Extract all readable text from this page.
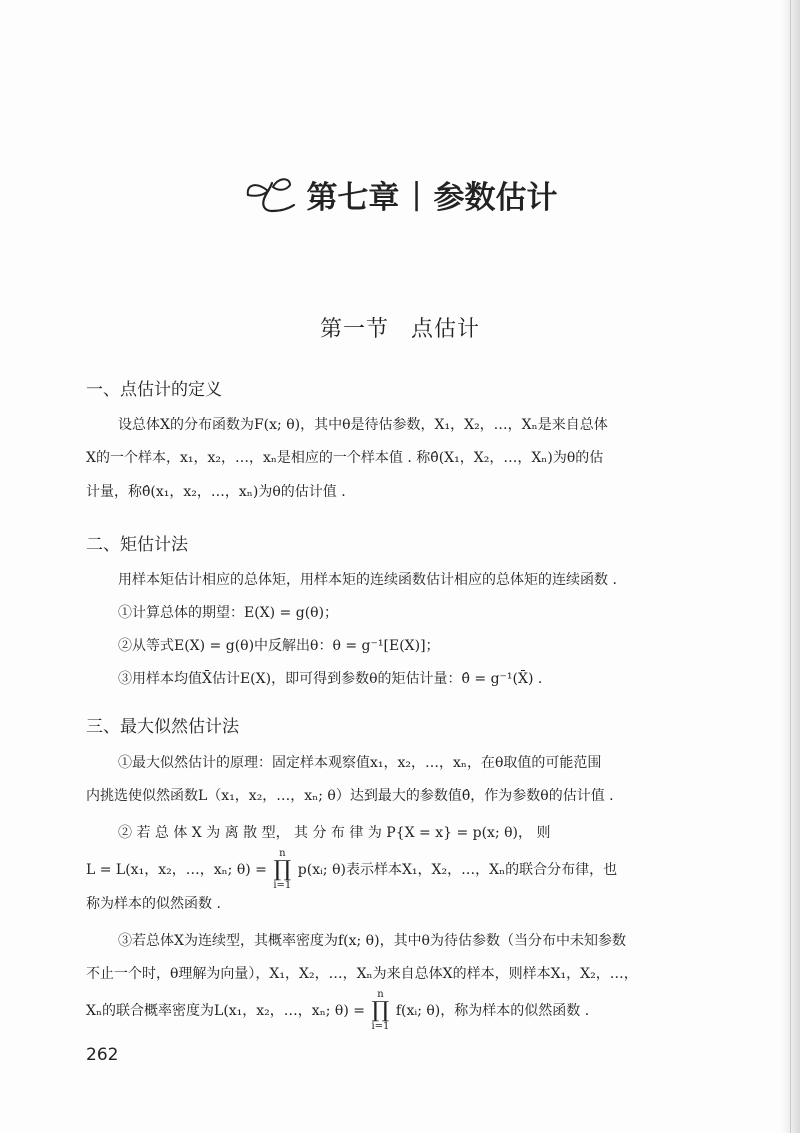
第七章 | 参数估计
第一节 点估计
一、点估计的定义
设总体X的分布函数为F(x; θ)，其中θ是待估参数，X₁，X₂，…，Xₙ是来自总体
X的一个样本，x₁，x₂，…，xₙ是相应的一个样本值 . 称θ̂(X₁，X₂，…，Xₙ)为θ的估
计量，称θ̂(x₁，x₂，…，xₙ)为θ的估计值 .
二、矩估计法
用样本矩估计相应的总体矩，用样本矩的连续函数估计相应的总体矩的连续函数 .
①计算总体的期望：E(X) = g(θ)；
②从等式E(X) = g(θ)中反解出θ：θ = g⁻¹[E(X)]；
③用样本均值X̄估计E(X)，即可得到参数θ的矩估计量：θ̂ = g⁻¹(X̄) .
三、最大似然估计法
①最大似然估计的原理：固定样本观察值x₁，x₂，…，xₙ，在θ取值的可能范围
内挑选使似然函数L（x₁，x₂，…，xₙ; θ）达到最大的参数值θ̂，作为参数θ的估计值 .
② 若 总 体 X 为 离 散 型， 其 分 布 律 为 P{X = x} = p(x; θ)， 则
L = L(x₁，x₂，…，xₙ; θ) = n
∏
i=1 p(xᵢ; θ)表示样本X₁，X₂，…，Xₙ的联合分布律，也
称为样本的似然函数 .
③若总体X为连续型，其概率密度为f(x; θ)，其中θ为待估参数（当分布中未知参数
不止一个时，θ理解为向量），X₁，X₂，…，Xₙ为来自总体X的样本，则样本X₁，X₂，…，
Xₙ的联合概率密度为L(x₁，x₂，…，xₙ; θ) = n
∏
i=1 f(xᵢ; θ)，称为样本的似然函数 .
262
